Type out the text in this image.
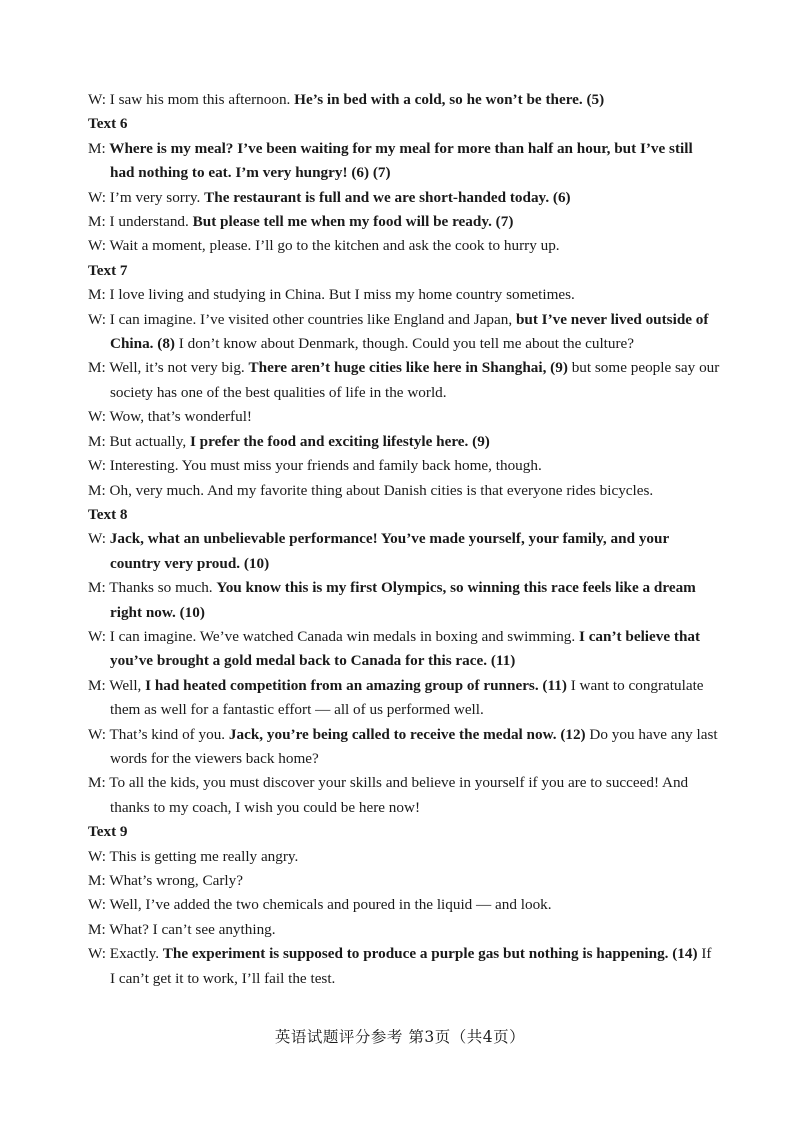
W: I saw his mom this afternoon. He’s in bed with a cold, so he won’t be there. (5)
Text 6
M: Where is my meal? I’ve been waiting for my meal for more than half an hour, but I’ve still had nothing to eat. I’m very hungry! (6) (7)
W: I’m very sorry. The restaurant is full and we are short-handed today. (6)
M: I understand. But please tell me when my food will be ready. (7)
W: Wait a moment, please. I’ll go to the kitchen and ask the cook to hurry up.
Text 7
M: I love living and studying in China. But I miss my home country sometimes.
W: I can imagine. I’ve visited other countries like England and Japan, but I’ve never lived outside of China. (8) I don’t know about Denmark, though. Could you tell me about the culture?
M: Well, it’s not very big. There aren’t huge cities like here in Shanghai, (9) but some people say our society has one of the best qualities of life in the world.
W: Wow, that’s wonderful!
M: But actually, I prefer the food and exciting lifestyle here. (9)
W: Interesting. You must miss your friends and family back home, though.
M: Oh, very much. And my favorite thing about Danish cities is that everyone rides bicycles.
Text 8
W: Jack, what an unbelievable performance! You’ve made yourself, your family, and your country very proud. (10)
M: Thanks so much. You know this is my first Olympics, so winning this race feels like a dream right now. (10)
W: I can imagine. We’ve watched Canada win medals in boxing and swimming. I can’t believe that you’ve brought a gold medal back to Canada for this race. (11)
M: Well, I had heated competition from an amazing group of runners. (11) I want to congratulate them as well for a fantastic effort — all of us performed well.
W: That’s kind of you. Jack, you’re being called to receive the medal now. (12) Do you have any last words for the viewers back home?
M: To all the kids, you must discover your skills and believe in yourself if you are to succeed! And thanks to my coach, I wish you could be here now!
Text 9
W: This is getting me really angry.
M: What’s wrong, Carly?
W: Well, I’ve added the two chemicals and poured in the liquid — and look.
M: What? I can’t see anything.
W: Exactly. The experiment is supposed to produce a purple gas but nothing is happening. (14) If I can’t get it to work, I’ll fail the test.
英语试题评分参考 第3页（共4页）
